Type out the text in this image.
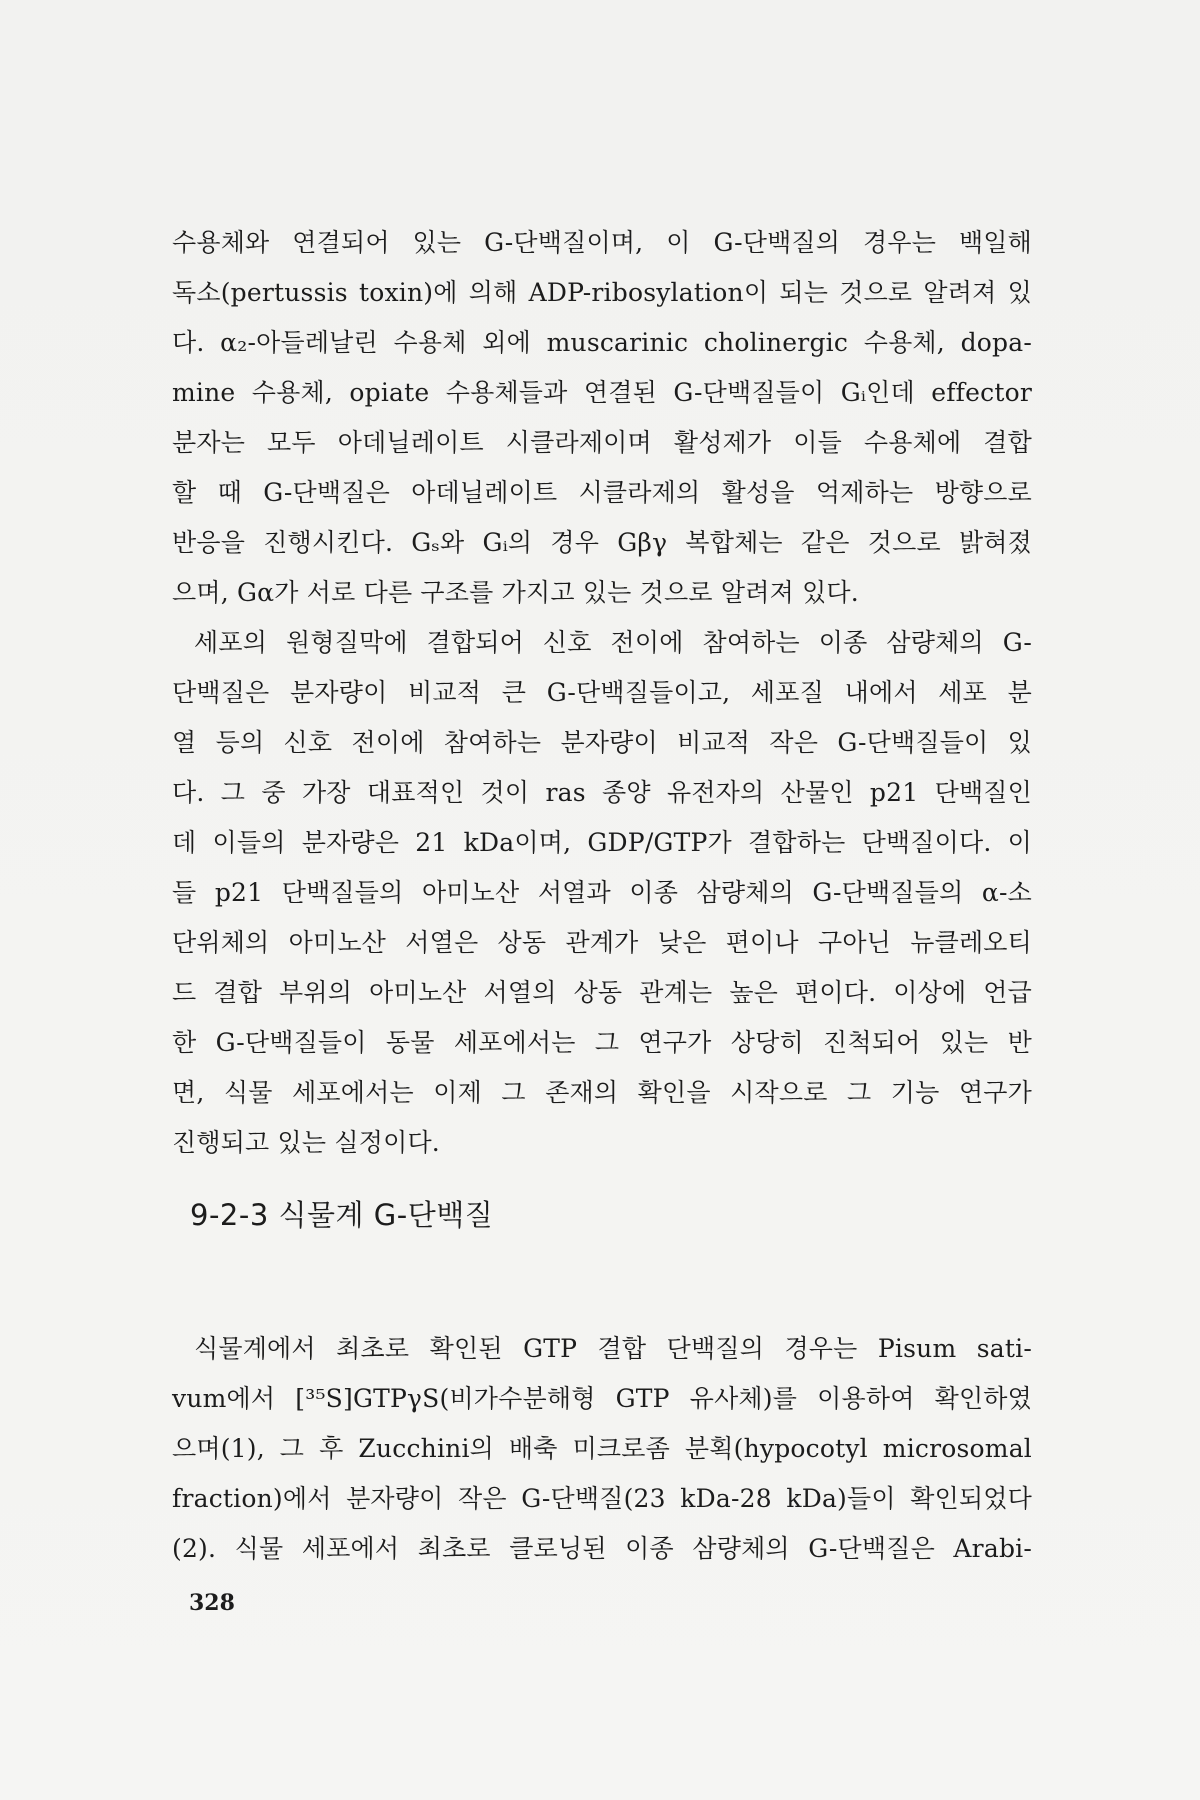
수용체와 연결되어 있는 G-단백질이며, 이 G-단백질의 경우는 백일해
독소(pertussis toxin)에 의해 ADP-ribosylation이 되는 것으로 알려져 있
다. α₂-아들레날린 수용체 외에 muscarinic cholinergic 수용체, dopa-
mine 수용체, opiate 수용체들과 연결된 G-단백질들이 Gᵢ인데 effector
분자는 모두 아데닐레이트 시클라제이며 활성제가 이들 수용체에 결합
할 때 G-단백질은 아데닐레이트 시클라제의 활성을 억제하는 방향으로
반응을 진행시킨다. Gₛ와 Gᵢ의 경우 Gβγ 복합체는 같은 것으로 밝혀졌
으며, Gα가 서로 다른 구조를 가지고 있는 것으로 알려져 있다.
세포의 원형질막에 결합되어 신호 전이에 참여하는 이종 삼량체의 G-
단백질은 분자량이 비교적 큰 G-단백질들이고, 세포질 내에서 세포 분
열 등의 신호 전이에 참여하는 분자량이 비교적 작은 G-단백질들이 있
다. 그 중 가장 대표적인 것이 ras 종양 유전자의 산물인 p21 단백질인
데 이들의 분자량은 21 kDa이며, GDP/GTP가 결합하는 단백질이다. 이
들 p21 단백질들의 아미노산 서열과 이종 삼량체의 G-단백질들의 α-소
단위체의 아미노산 서열은 상동 관계가 낮은 편이나 구아닌 뉴클레오티
드 결합 부위의 아미노산 서열의 상동 관계는 높은 편이다. 이상에 언급
한 G-단백질들이 동물 세포에서는 그 연구가 상당히 진척되어 있는 반
면, 식물 세포에서는 이제 그 존재의 확인을 시작으로 그 기능 연구가
진행되고 있는 실정이다.
9-2-3 식물계 G-단백질
식물계에서 최초로 확인된 GTP 결합 단백질의 경우는 Pisum sati-
vum에서 [³⁵S]GTPγS(비가수분해형 GTP 유사체)를 이용하여 확인하였
으며(1), 그 후 Zucchini의 배축 미크로좀 분획(hypocotyl microsomal
fraction)에서 분자량이 작은 G-단백질(23 kDa-28 kDa)들이 확인되었다
(2). 식물 세포에서 최초로 클로닝된 이종 삼량체의 G-단백질은 Arabi-
328
